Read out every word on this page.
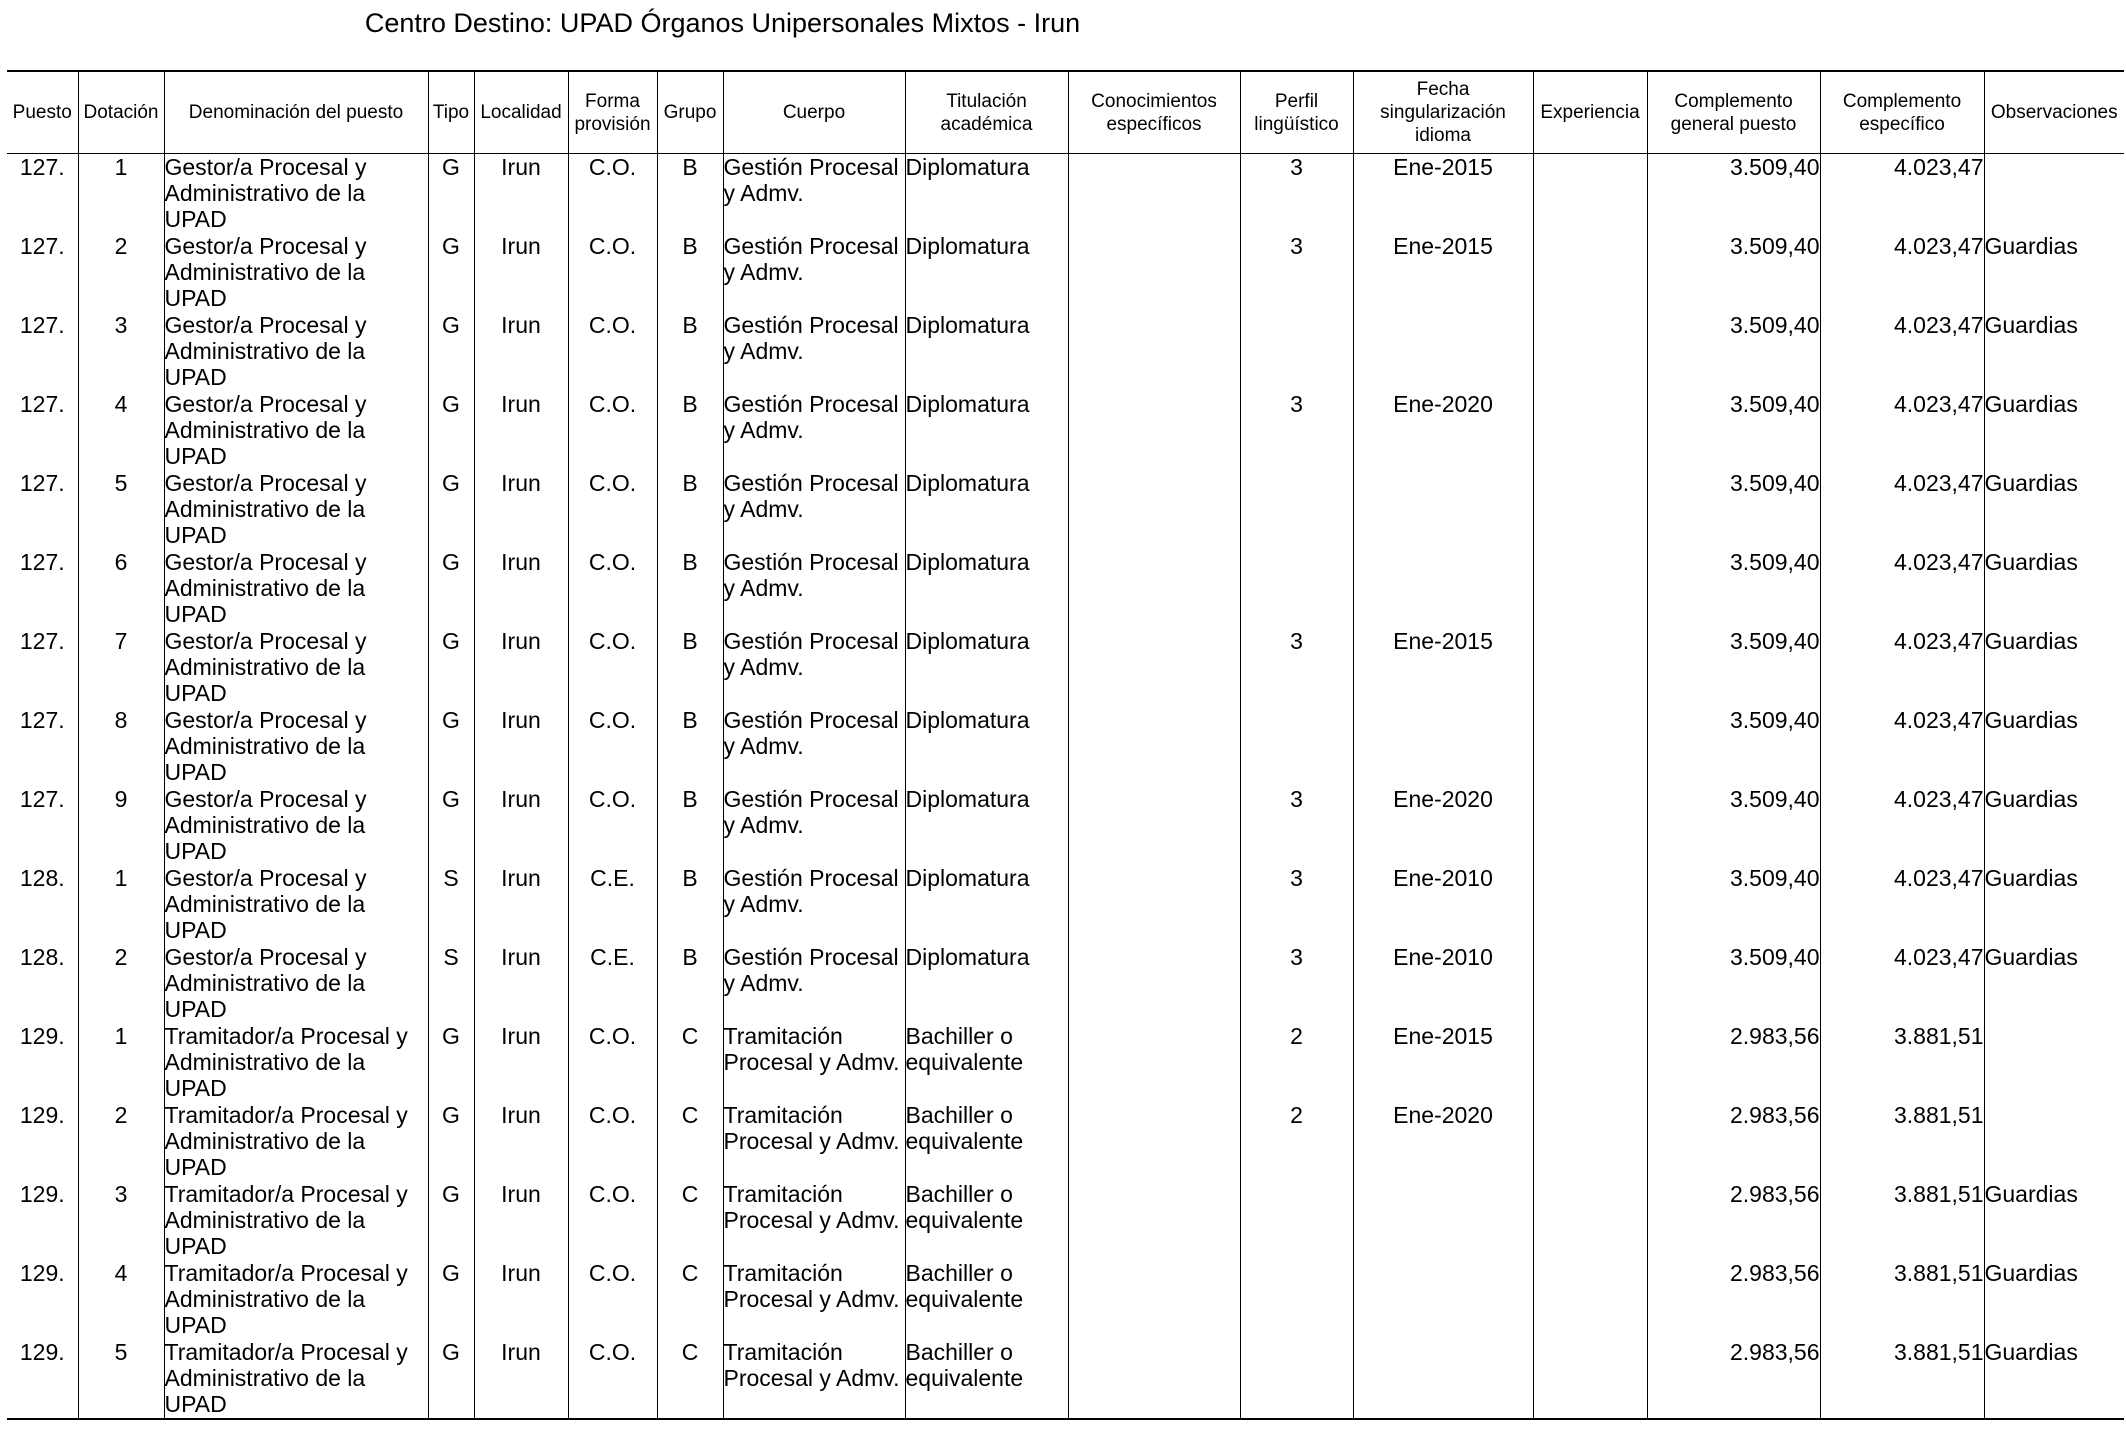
Centro Destino: UPAD Órganos Unipersonales Mixtos - Irun
Puesto	Dotación	Denominación del puesto	Tipo	Localidad	Forma provisión	Grupo	Cuerpo	Titulación académica	Conocimientos específicos	Perfil lingüístico	Fecha singularización idioma	Experiencia	Complemento general puesto	Complemento específico	Observaciones
127.	1	Gestor/a Procesal y Administrativo de la UPAD	G	Irun	C.O.	B	Gestión Procesal y Admv.	Diplomatura		3	Ene-2015		3.509,40	4.023,47	
127.	2	Gestor/a Procesal y Administrativo de la UPAD	G	Irun	C.O.	B	Gestión Procesal y Admv.	Diplomatura		3	Ene-2015		3.509,40	4.023,47	Guardias
127.	3	Gestor/a Procesal y Administrativo de la UPAD	G	Irun	C.O.	B	Gestión Procesal y Admv.	Diplomatura					3.509,40	4.023,47	Guardias
127.	4	Gestor/a Procesal y Administrativo de la UPAD	G	Irun	C.O.	B	Gestión Procesal y Admv.	Diplomatura		3	Ene-2020		3.509,40	4.023,47	Guardias
127.	5	Gestor/a Procesal y Administrativo de la UPAD	G	Irun	C.O.	B	Gestión Procesal y Admv.	Diplomatura					3.509,40	4.023,47	Guardias
127.	6	Gestor/a Procesal y Administrativo de la UPAD	G	Irun	C.O.	B	Gestión Procesal y Admv.	Diplomatura					3.509,40	4.023,47	Guardias
127.	7	Gestor/a Procesal y Administrativo de la UPAD	G	Irun	C.O.	B	Gestión Procesal y Admv.	Diplomatura		3	Ene-2015		3.509,40	4.023,47	Guardias
127.	8	Gestor/a Procesal y Administrativo de la UPAD	G	Irun	C.O.	B	Gestión Procesal y Admv.	Diplomatura					3.509,40	4.023,47	Guardias
127.	9	Gestor/a Procesal y Administrativo de la UPAD	G	Irun	C.O.	B	Gestión Procesal y Admv.	Diplomatura		3	Ene-2020		3.509,40	4.023,47	Guardias
128.	1	Gestor/a Procesal y Administrativo de la UPAD	S	Irun	C.E.	B	Gestión Procesal y Admv.	Diplomatura		3	Ene-2010		3.509,40	4.023,47	Guardias
128.	2	Gestor/a Procesal y Administrativo de la UPAD	S	Irun	C.E.	B	Gestión Procesal y Admv.	Diplomatura		3	Ene-2010		3.509,40	4.023,47	Guardias
129.	1	Tramitador/a Procesal y Administrativo de la UPAD	G	Irun	C.O.	C	Tramitación Procesal y Admv.	Bachiller o equivalente		2	Ene-2015		2.983,56	3.881,51	
129.	2	Tramitador/a Procesal y Administrativo de la UPAD	G	Irun	C.O.	C	Tramitación Procesal y Admv.	Bachiller o equivalente		2	Ene-2020		2.983,56	3.881,51	
129.	3	Tramitador/a Procesal y Administrativo de la UPAD	G	Irun	C.O.	C	Tramitación Procesal y Admv.	Bachiller o equivalente					2.983,56	3.881,51	Guardias
129.	4	Tramitador/a Procesal y Administrativo de la UPAD	G	Irun	C.O.	C	Tramitación Procesal y Admv.	Bachiller o equivalente					2.983,56	3.881,51	Guardias
129.	5	Tramitador/a Procesal y Administrativo de la UPAD	G	Irun	C.O.	C	Tramitación Procesal y Admv.	Bachiller o equivalente					2.983,56	3.881,51	Guardias
